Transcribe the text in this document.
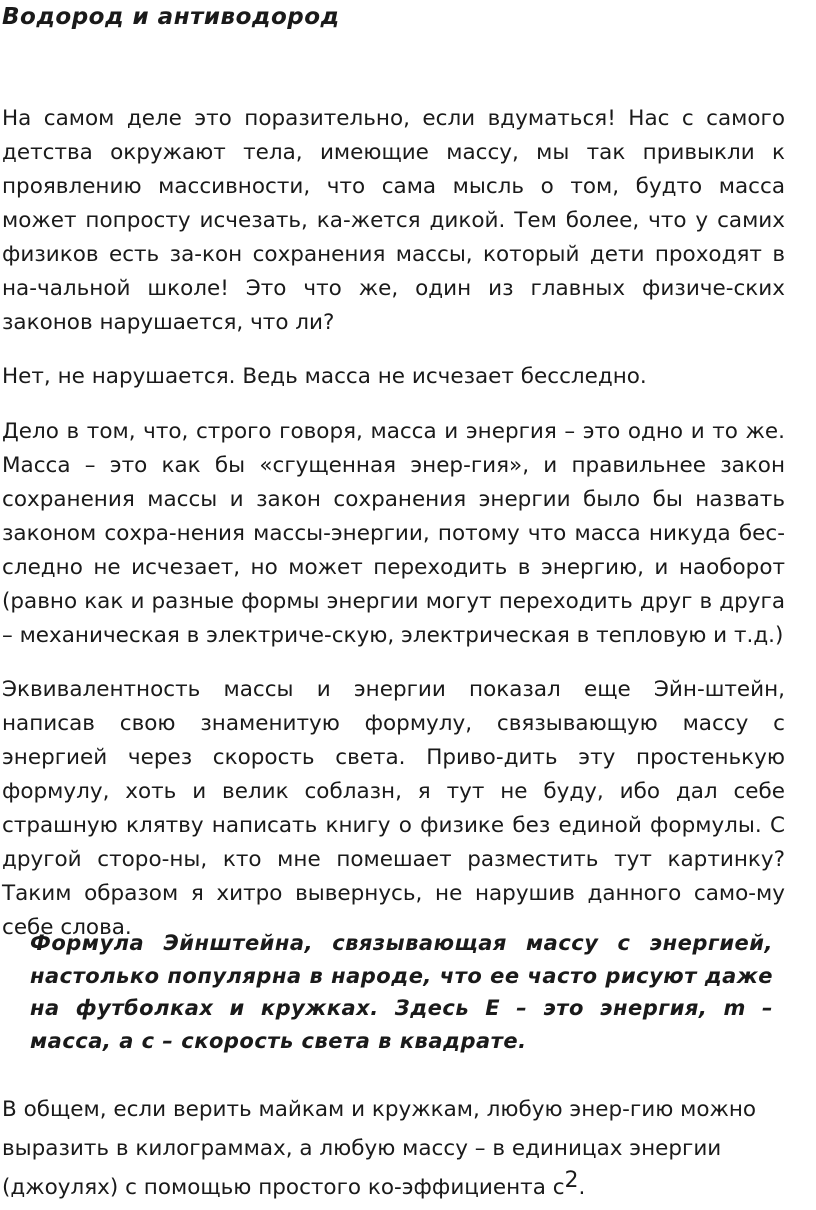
Водород и антиводород

На самом деле это поразительно, если вдуматься! Нас с самого детства окружают тела, имеющие массу, мы так привыкли к проявлению массивности, что сама мысль о том, будто масса может попросту исчезать, ка-жется дикой. Тем более, что у самих физиков есть за-кон сохранения массы, который дети проходят в на-чальной школе! Это что же, один из главных физиче-ских законов нарушается, что ли?

Нет, не нарушается. Ведь масса не исчезает бесследно.

Дело в том, что, строго говоря, масса и энергия – это одно и то же. Масса – это как бы «сгущенная энер-гия», и правильнее закон сохранения массы и закон сохранения энергии было бы назвать законом сохра-нения массы-энергии, потому что масса никуда бес-следно не исчезает, но может переходить в энергию, и наоборот (равно как и разные формы энергии могут переходить друг в друга – механическая в электриче-скую, электрическая в тепловую и т.д.)

Эквивалентность массы и энергии показал еще Эйн-штейн, написав свою знаменитую формулу, связывающую массу с энергией через скорость света. Приво-дить эту простенькую формулу, хоть и велик соблазн, я тут не буду, ибо дал себе страшную клятву написать книгу о физике без единой формулы. С другой сторо-ны, кто мне помешает разместить тут картинку? Таким образом я хитро вывернусь, не нарушив данного само-му себе слова.

Формула Эйнштейна, связывающая массу с энергией, настолько популярна в народе, что ее часто рисуют даже на футболках и кружках. Здесь Е – это энергия, m – масса, а с – скорость света в квадрате.

В общем, если верить майкам и кружкам, любую энер-гию можно выразить в килограммах, а любую массу – в единицах энергии (джоулях) с помощью простого ко-эффициента с2.
